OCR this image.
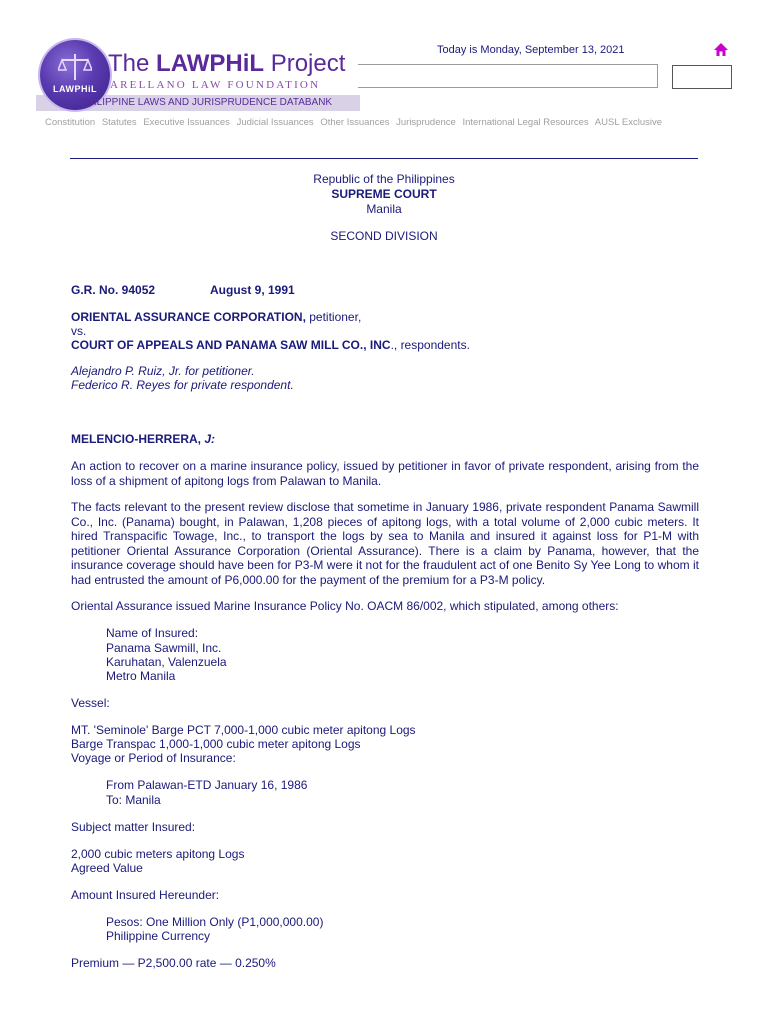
LAWPHiL
The LAWPHiL Project
ARELLANO LAW FOUNDATION
PHILIPPINE LAWS AND JURISPRUDENCE DATABANK
Today is Monday, September 13, 2021
Constitution Statutes Executive Issuances Judicial Issuances Other Issuances Jurisprudence International Legal Resources AUSL Exclusive
Republic of the Philippines
SUPREME COURT
Manila
SECOND DIVISION
G.R. No. 94052	August 9, 1991
ORIENTAL ASSURANCE CORPORATION, petitioner,
vs.
COURT OF APPEALS AND PANAMA SAW MILL CO., INC., respondents.
Alejandro P. Ruiz, Jr. for petitioner.
Federico R. Reyes for private respondent.
MELENCIO-HERRERA, J:
An action to recover on a marine insurance policy, issued by petitioner in favor of private respondent, arising from the loss of a shipment of apitong logs from Palawan to Manila.
The facts relevant to the present review disclose that sometime in January 1986, private respondent Panama Sawmill Co., Inc. (Panama) bought, in Palawan, 1,208 pieces of apitong logs, with a total volume of 2,000 cubic meters. It hired Transpacific Towage, Inc., to transport the logs by sea to Manila and insured it against loss for P1-M with petitioner Oriental Assurance Corporation (Oriental Assurance). There is a claim by Panama, however, that the insurance coverage should have been for P3-M were it not for the fraudulent act of one Benito Sy Yee Long to whom it had entrusted the amount of P6,000.00 for the payment of the premium for a P3-M policy.
Oriental Assurance issued Marine Insurance Policy No. OACM 86/002, which stipulated, among others:
Name of Insured:
Panama Sawmill, Inc.
Karuhatan, Valenzuela
Metro Manila
Vessel:
MT. 'Seminole' Barge PCT 7,000-1,000 cubic meter apitong Logs
Barge Transpac 1,000-1,000 cubic meter apitong Logs
Voyage or Period of Insurance:
From Palawan-ETD January 16, 1986
To: Manila
Subject matter Insured:
2,000 cubic meters apitong Logs
Agreed Value
Amount Insured Hereunder:
Pesos: One Million Only (P1,000,000.00)
Philippine Currency
Premium — P2,500.00 rate — 0.250%
